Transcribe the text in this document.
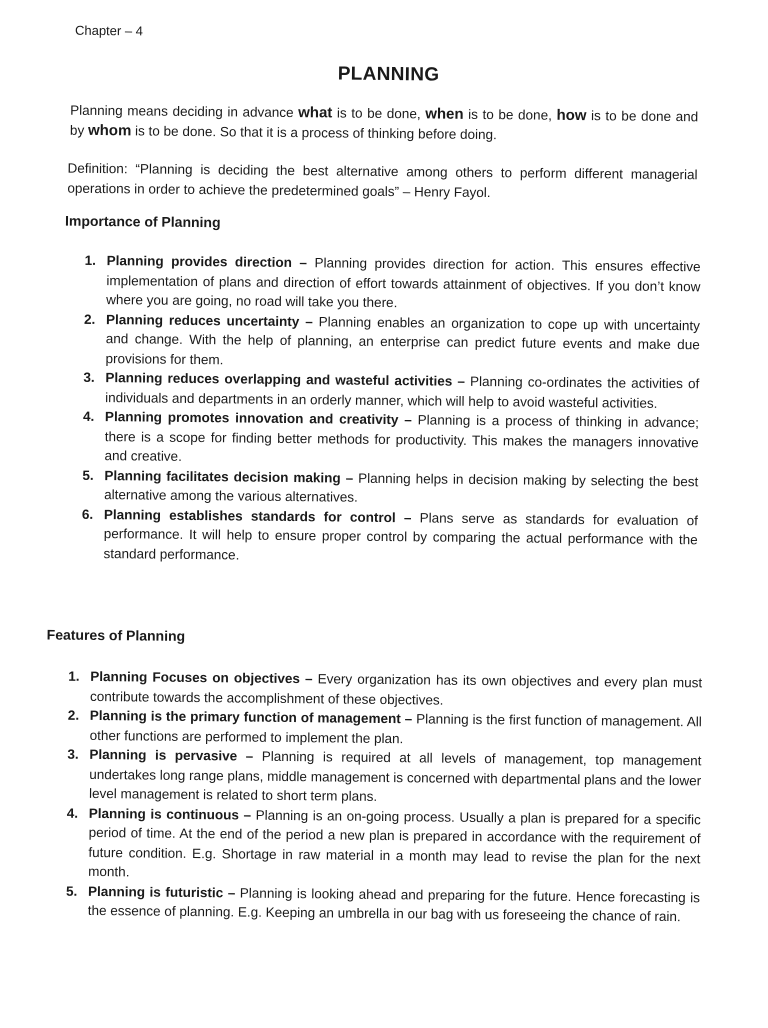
Chapter – 4
PLANNING
Planning means deciding in advance what is to be done, when is to be done, how is to be done and by whom is to be done. So that it is a process of thinking before doing.
Definition: “Planning is deciding the best alternative among others to perform different managerial operations in order to achieve the predetermined goals” – Henry Fayol.
Importance of Planning
1. Planning provides direction – Planning provides direction for action. This ensures effective implementation of plans and direction of effort towards attainment of objectives. If you don’t know where you are going, no road will take you there.
2. Planning reduces uncertainty – Planning enables an organization to cope up with uncertainty and change. With the help of planning, an enterprise can predict future events and make due provisions for them.
3. Planning reduces overlapping and wasteful activities – Planning co-ordinates the activities of individuals and departments in an orderly manner, which will help to avoid wasteful activities.
4. Planning promotes innovation and creativity – Planning is a process of thinking in advance; there is a scope for finding better methods for productivity. This makes the managers innovative and creative.
5. Planning facilitates decision making – Planning helps in decision making by selecting the best alternative among the various alternatives.
6. Planning establishes standards for control – Plans serve as standards for evaluation of performance. It will help to ensure proper control by comparing the actual performance with the standard performance.
Features of Planning
1. Planning Focuses on objectives – Every organization has its own objectives and every plan must contribute towards the accomplishment of these objectives.
2. Planning is the primary function of management – Planning is the first function of management. All other functions are performed to implement the plan.
3. Planning is pervasive – Planning is required at all levels of management, top management undertakes long range plans, middle management is concerned with departmental plans and the lower level management is related to short term plans.
4. Planning is continuous – Planning is an on-going process. Usually a plan is prepared for a specific period of time. At the end of the period a new plan is prepared in accordance with the requirement of future condition. E.g. Shortage in raw material in a month may lead to revise the plan for the next month.
5. Planning is futuristic – Planning is looking ahead and preparing for the future. Hence forecasting is the essence of planning. E.g. Keeping an umbrella in our bag with us foreseeing the chance of rain.
